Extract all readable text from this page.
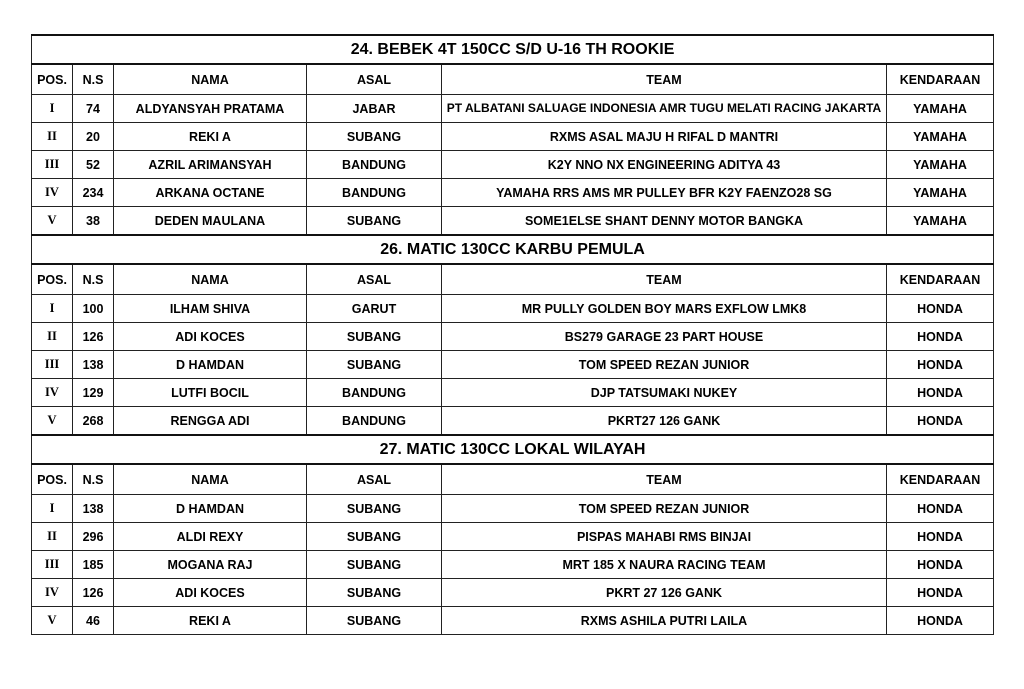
24. BEBEK 4T 150CC S/D U-16 TH ROOKIE					
POS.	N.S	NAMA	ASAL	TEAM	KENDARAAN
I	74	ALDYANSYAH PRATAMA	JABAR	PT ALBATANI SALUAGE INDONESIA AMR TUGU MELATI RACING JAKARTA	YAMAHA
II	20	REKI A	SUBANG	RXMS ASAL MAJU H RIFAL D MANTRI	YAMAHA
III	52	AZRIL ARIMANSYAH	BANDUNG	K2Y NNO NX ENGINEERING ADITYA 43	YAMAHA
IV	234	ARKANA OCTANE	BANDUNG	YAMAHA RRS AMS MR PULLEY BFR K2Y FAENZO28 SG	YAMAHA
V	38	DEDEN MAULANA	SUBANG	SOME1ELSE SHANT DENNY MOTOR BANGKA	YAMAHA
26. MATIC 130CC KARBU PEMULA					
POS.	N.S	NAMA	ASAL	TEAM	KENDARAAN
I	100	ILHAM SHIVA	GARUT	MR PULLY GOLDEN BOY MARS EXFLOW LMK8	HONDA
II	126	ADI KOCES	SUBANG	BS279 GARAGE 23 PART HOUSE	HONDA
III	138	D HAMDAN	SUBANG	TOM SPEED REZAN JUNIOR	HONDA
IV	129	LUTFI BOCIL	BANDUNG	DJP TATSUMAKI NUKEY	HONDA
V	268	RENGGA ADI	BANDUNG	PKRT27 126 GANK	HONDA
27. MATIC 130CC LOKAL WILAYAH					
POS.	N.S	NAMA	ASAL	TEAM	KENDARAAN
I	138	D HAMDAN	SUBANG	TOM SPEED REZAN JUNIOR	HONDA
II	296	ALDI REXY	SUBANG	PISPAS MAHABI RMS BINJAI	HONDA
III	185	MOGANA RAJ	SUBANG	MRT 185 X NAURA RACING TEAM	HONDA
IV	126	ADI KOCES	SUBANG	PKRT 27 126 GANK	HONDA
V	46	REKI A	SUBANG	RXMS ASHILA PUTRI LAILA	HONDA
